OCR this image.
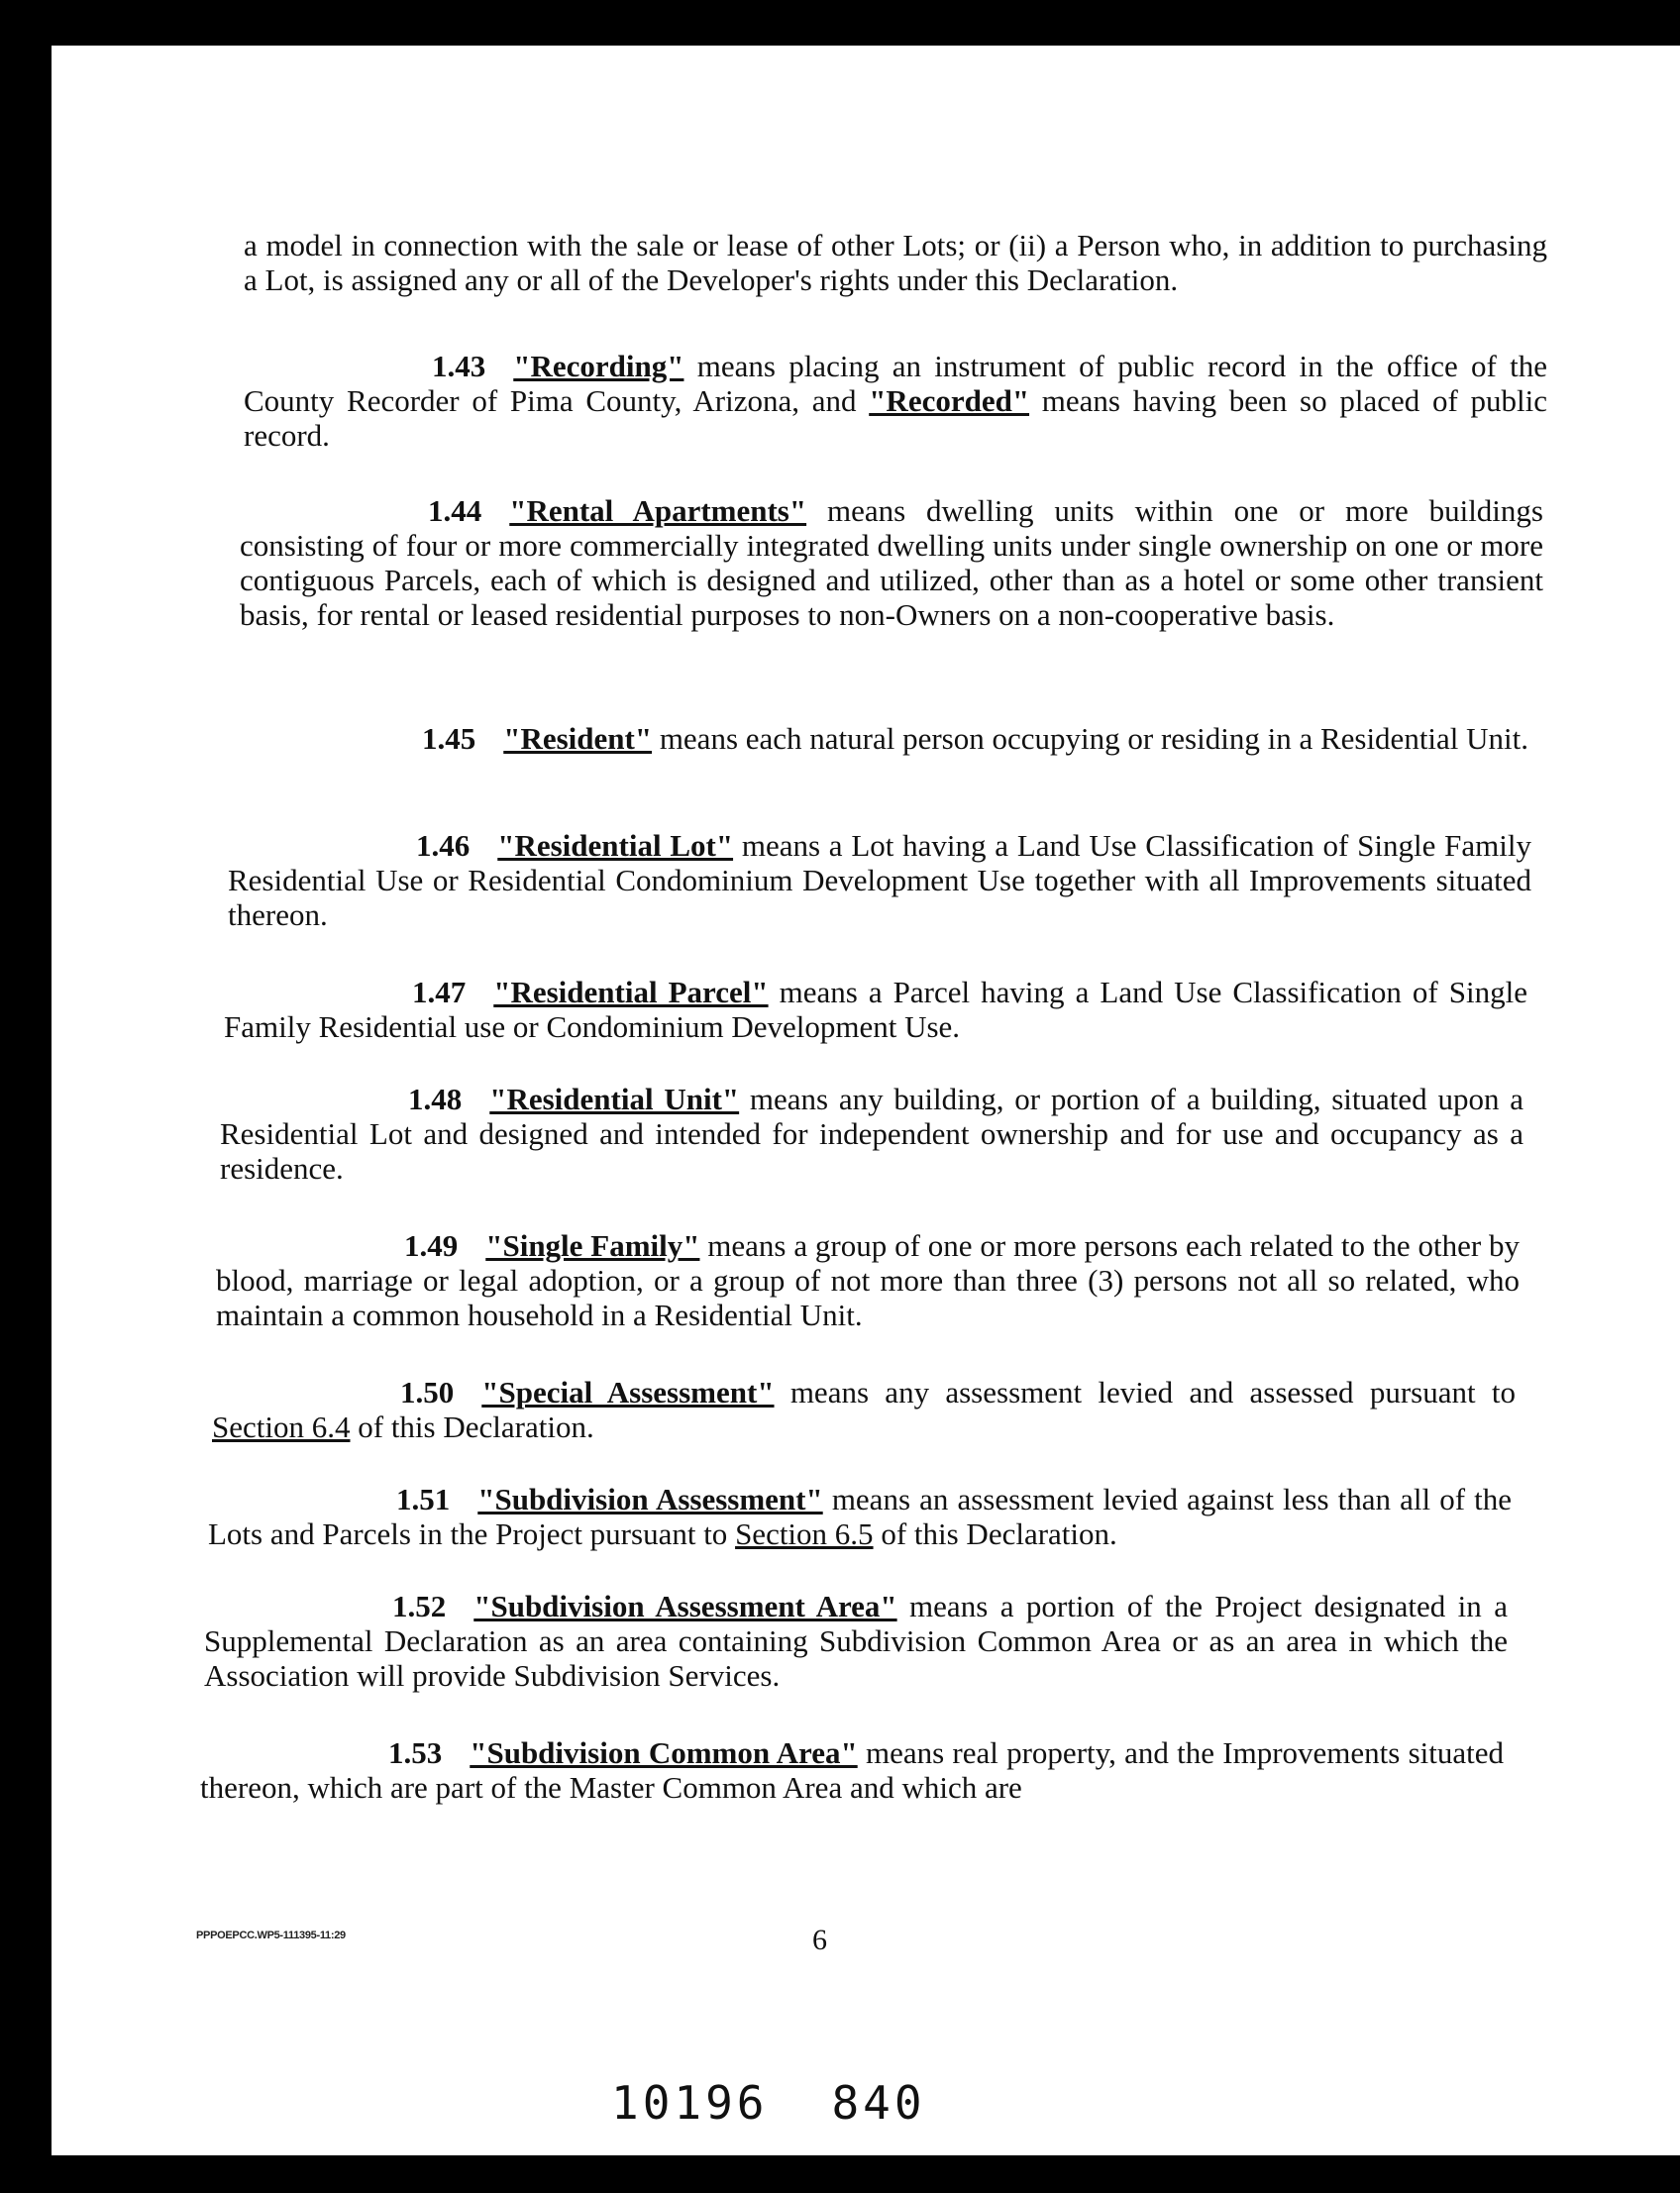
a model in connection with the sale or lease of other Lots; or (ii) a Person who, in addition to purchasing a Lot, is assigned any or all of the Developer's rights under this Declaration.

1.43 "Recording" means placing an instrument of public record in the office of the County Recorder of Pima County, Arizona, and "Recorded" means having been so placed of public record.

1.44 "Rental Apartments" means dwelling units within one or more buildings consisting of four or more commercially integrated dwelling units under single ownership on one or more contiguous Parcels, each of which is designed and utilized, other than as a hotel or some other transient basis, for rental or leased residential purposes to non-Owners on a non-cooperative basis.

1.45 "Resident" means each natural person occupying or residing in a Residential Unit.

1.46 "Residential Lot" means a Lot having a Land Use Classification of Single Family Residential Use or Residential Condominium Development Use together with all Improvements situated thereon.

1.47 "Residential Parcel" means a Parcel having a Land Use Classification of Single Family Residential use or Condominium Development Use.

1.48 "Residential Unit" means any building, or portion of a building, situated upon a Residential Lot and designed and intended for independent ownership and for use and occupancy as a residence.

1.49 "Single Family" means a group of one or more persons each related to the other by blood, marriage or legal adoption, or a group of not more than three (3) persons not all so related, who maintain a common household in a Residential Unit.

1.50 "Special Assessment" means any assessment levied and assessed pursuant to Section 6.4 of this Declaration.

1.51 "Subdivision Assessment" means an assessment levied against less than all of the Lots and Parcels in the Project pursuant to Section 6.5 of this Declaration.

1.52 "Subdivision Assessment Area" means a portion of the Project designated in a Supplemental Declaration as an area containing Subdivision Common Area or as an area in which the Association will provide Subdivision Services.

1.53 "Subdivision Common Area" means real property, and the Improvements situated thereon, which are part of the Master Common Area and which are

PPPOEPCC.WP5-111395-11:29	6
10196 840
